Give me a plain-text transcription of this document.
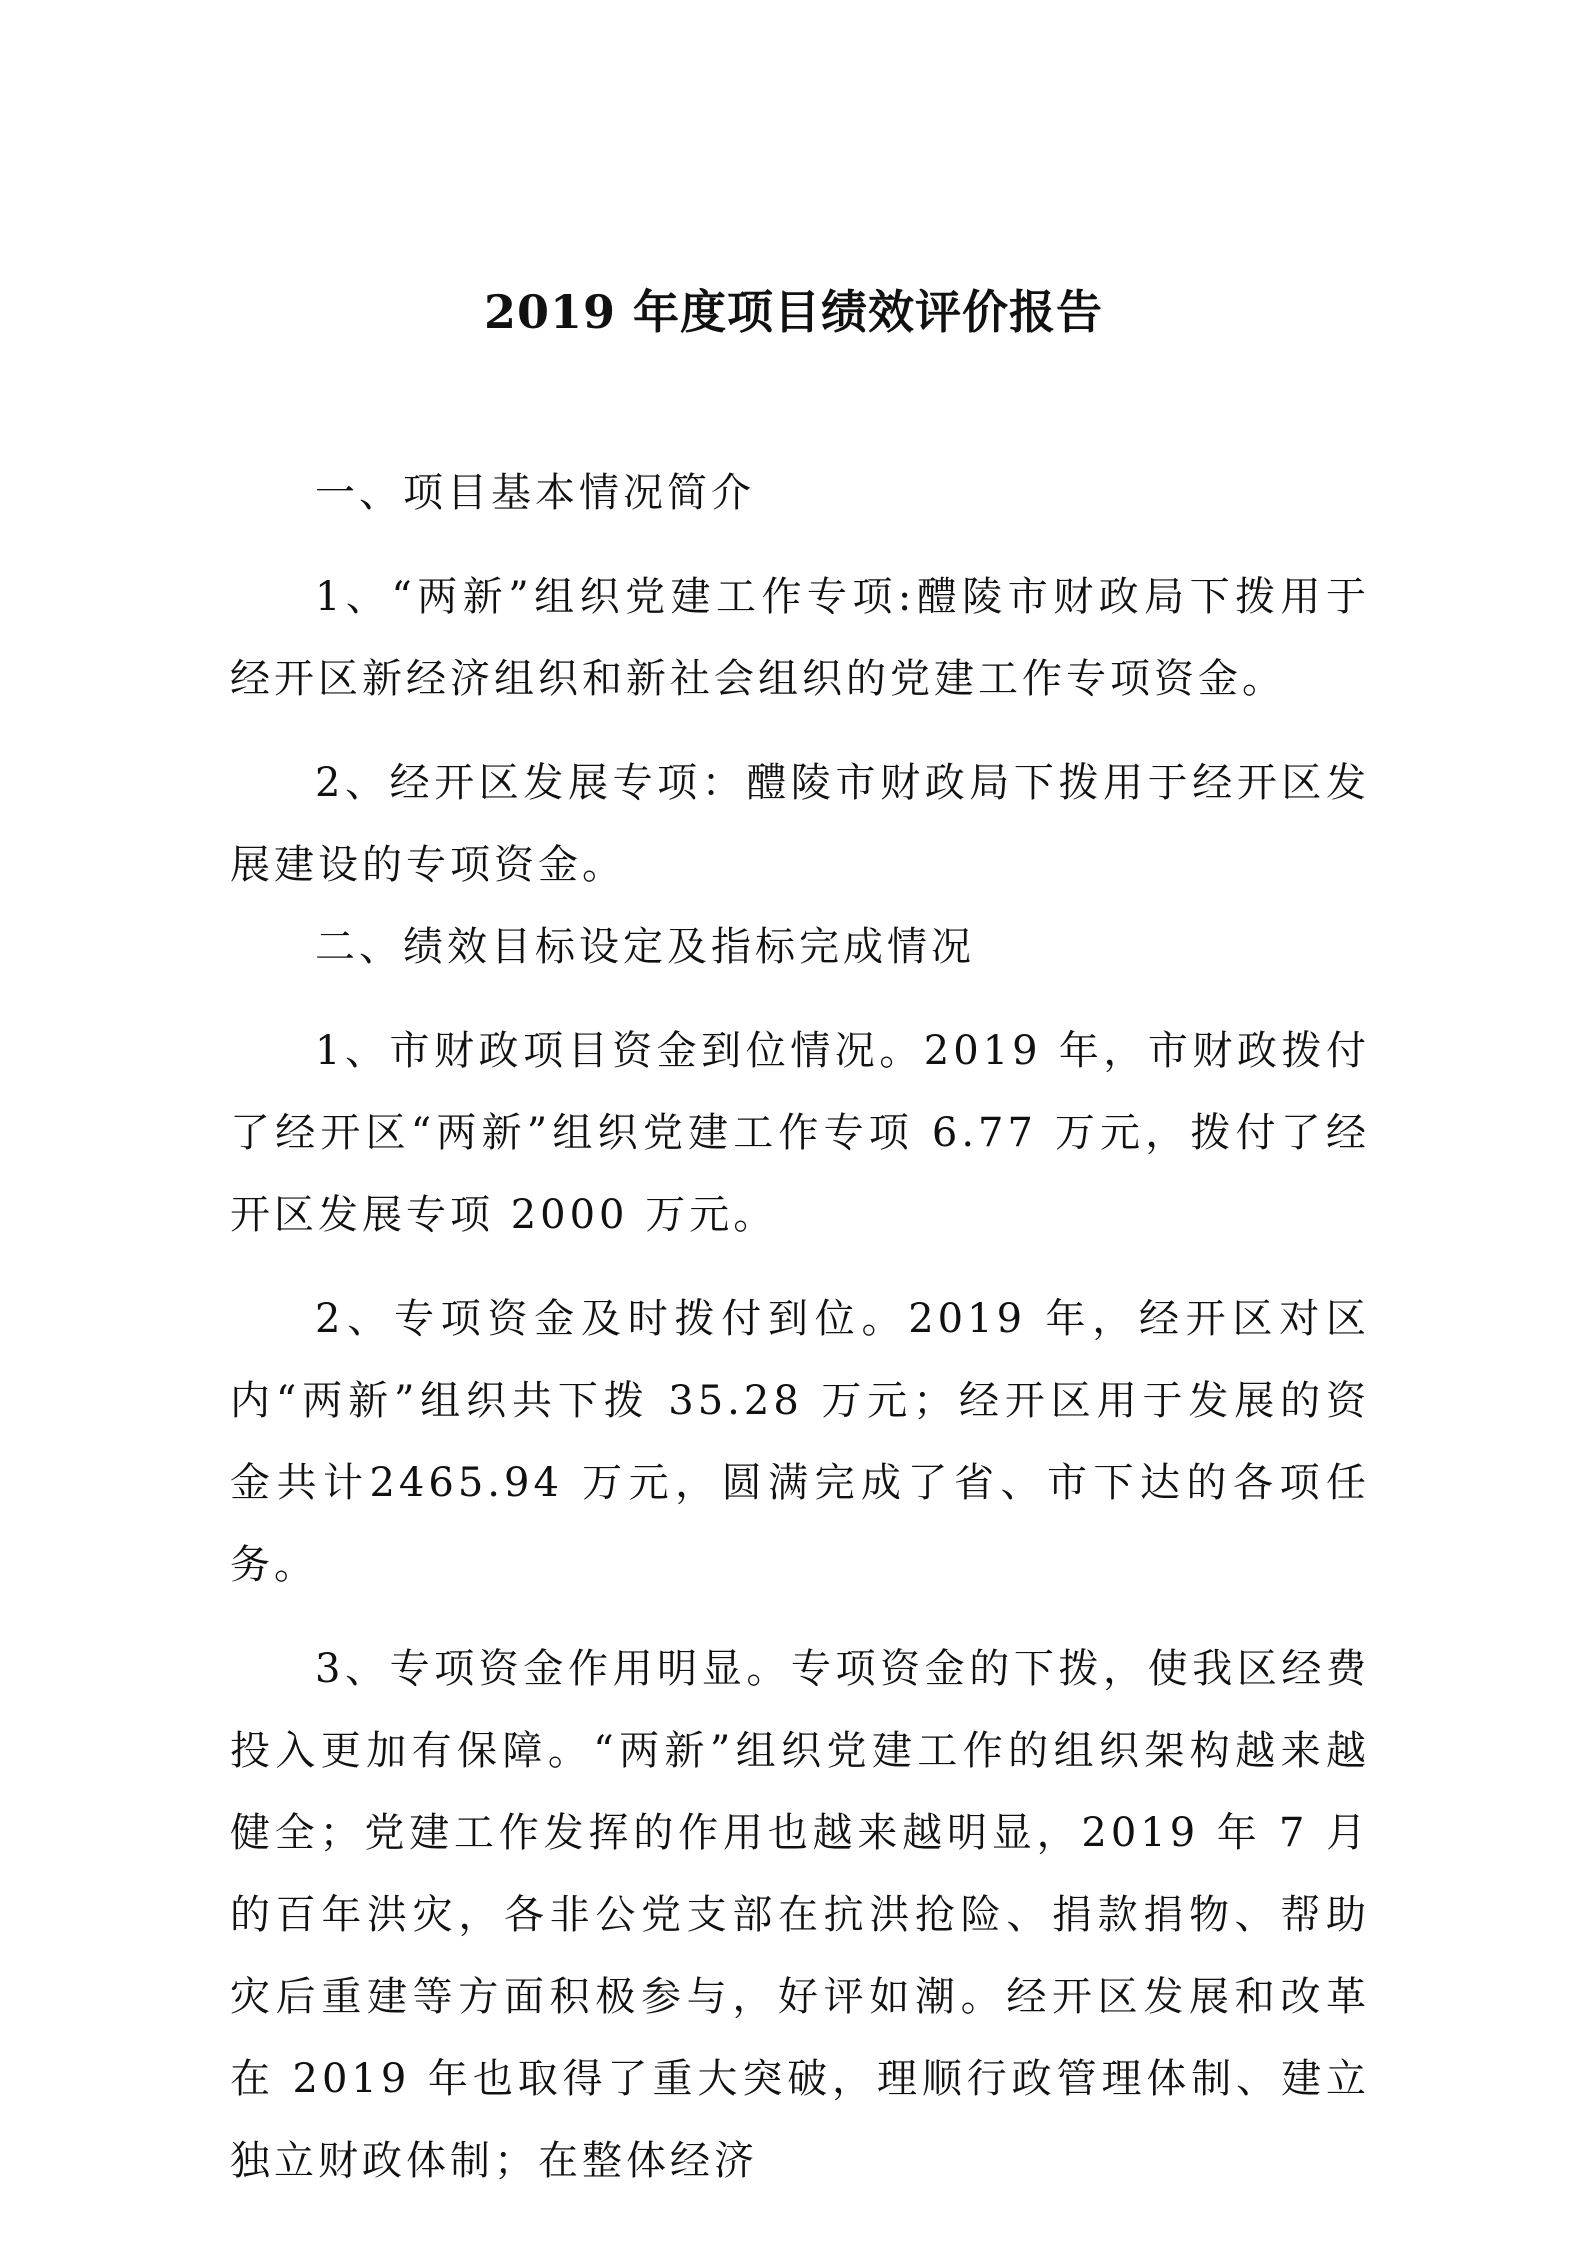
2019 年度项目绩效评价报告

一、项目基本情况简介

1、“两新”组织党建工作专项:醴陵市财政局下拨用于经开区新经济组织和新社会组织的党建工作专项资金。

2、经开区发展专项：醴陵市财政局下拨用于经开区发展建设的专项资金。

二、绩效目标设定及指标完成情况

1、市财政项目资金到位情况。2019 年，市财政拨付了经开区“两新”组织党建工作专项 6.77 万元，拨付了经开区发展专项 2000 万元。

2、专项资金及时拨付到位。2019 年，经开区对区内“两新”组织共下拨 35.28 万元；经开区用于发展的资金共计2465.94 万元，圆满完成了省、市下达的各项任务。

3、专项资金作用明显。专项资金的下拨，使我区经费投入更加有保障。“两新”组织党建工作的组织架构越来越健全；党建工作发挥的作用也越来越明显，2019 年 7 月的百年洪灾，各非公党支部在抗洪抢险、捐款捐物、帮助灾后重建等方面积极参与，好评如潮。经开区发展和改革在 2019 年也取得了重大突破，理顺行政管理体制、建立独立财政体制；在整体经济
